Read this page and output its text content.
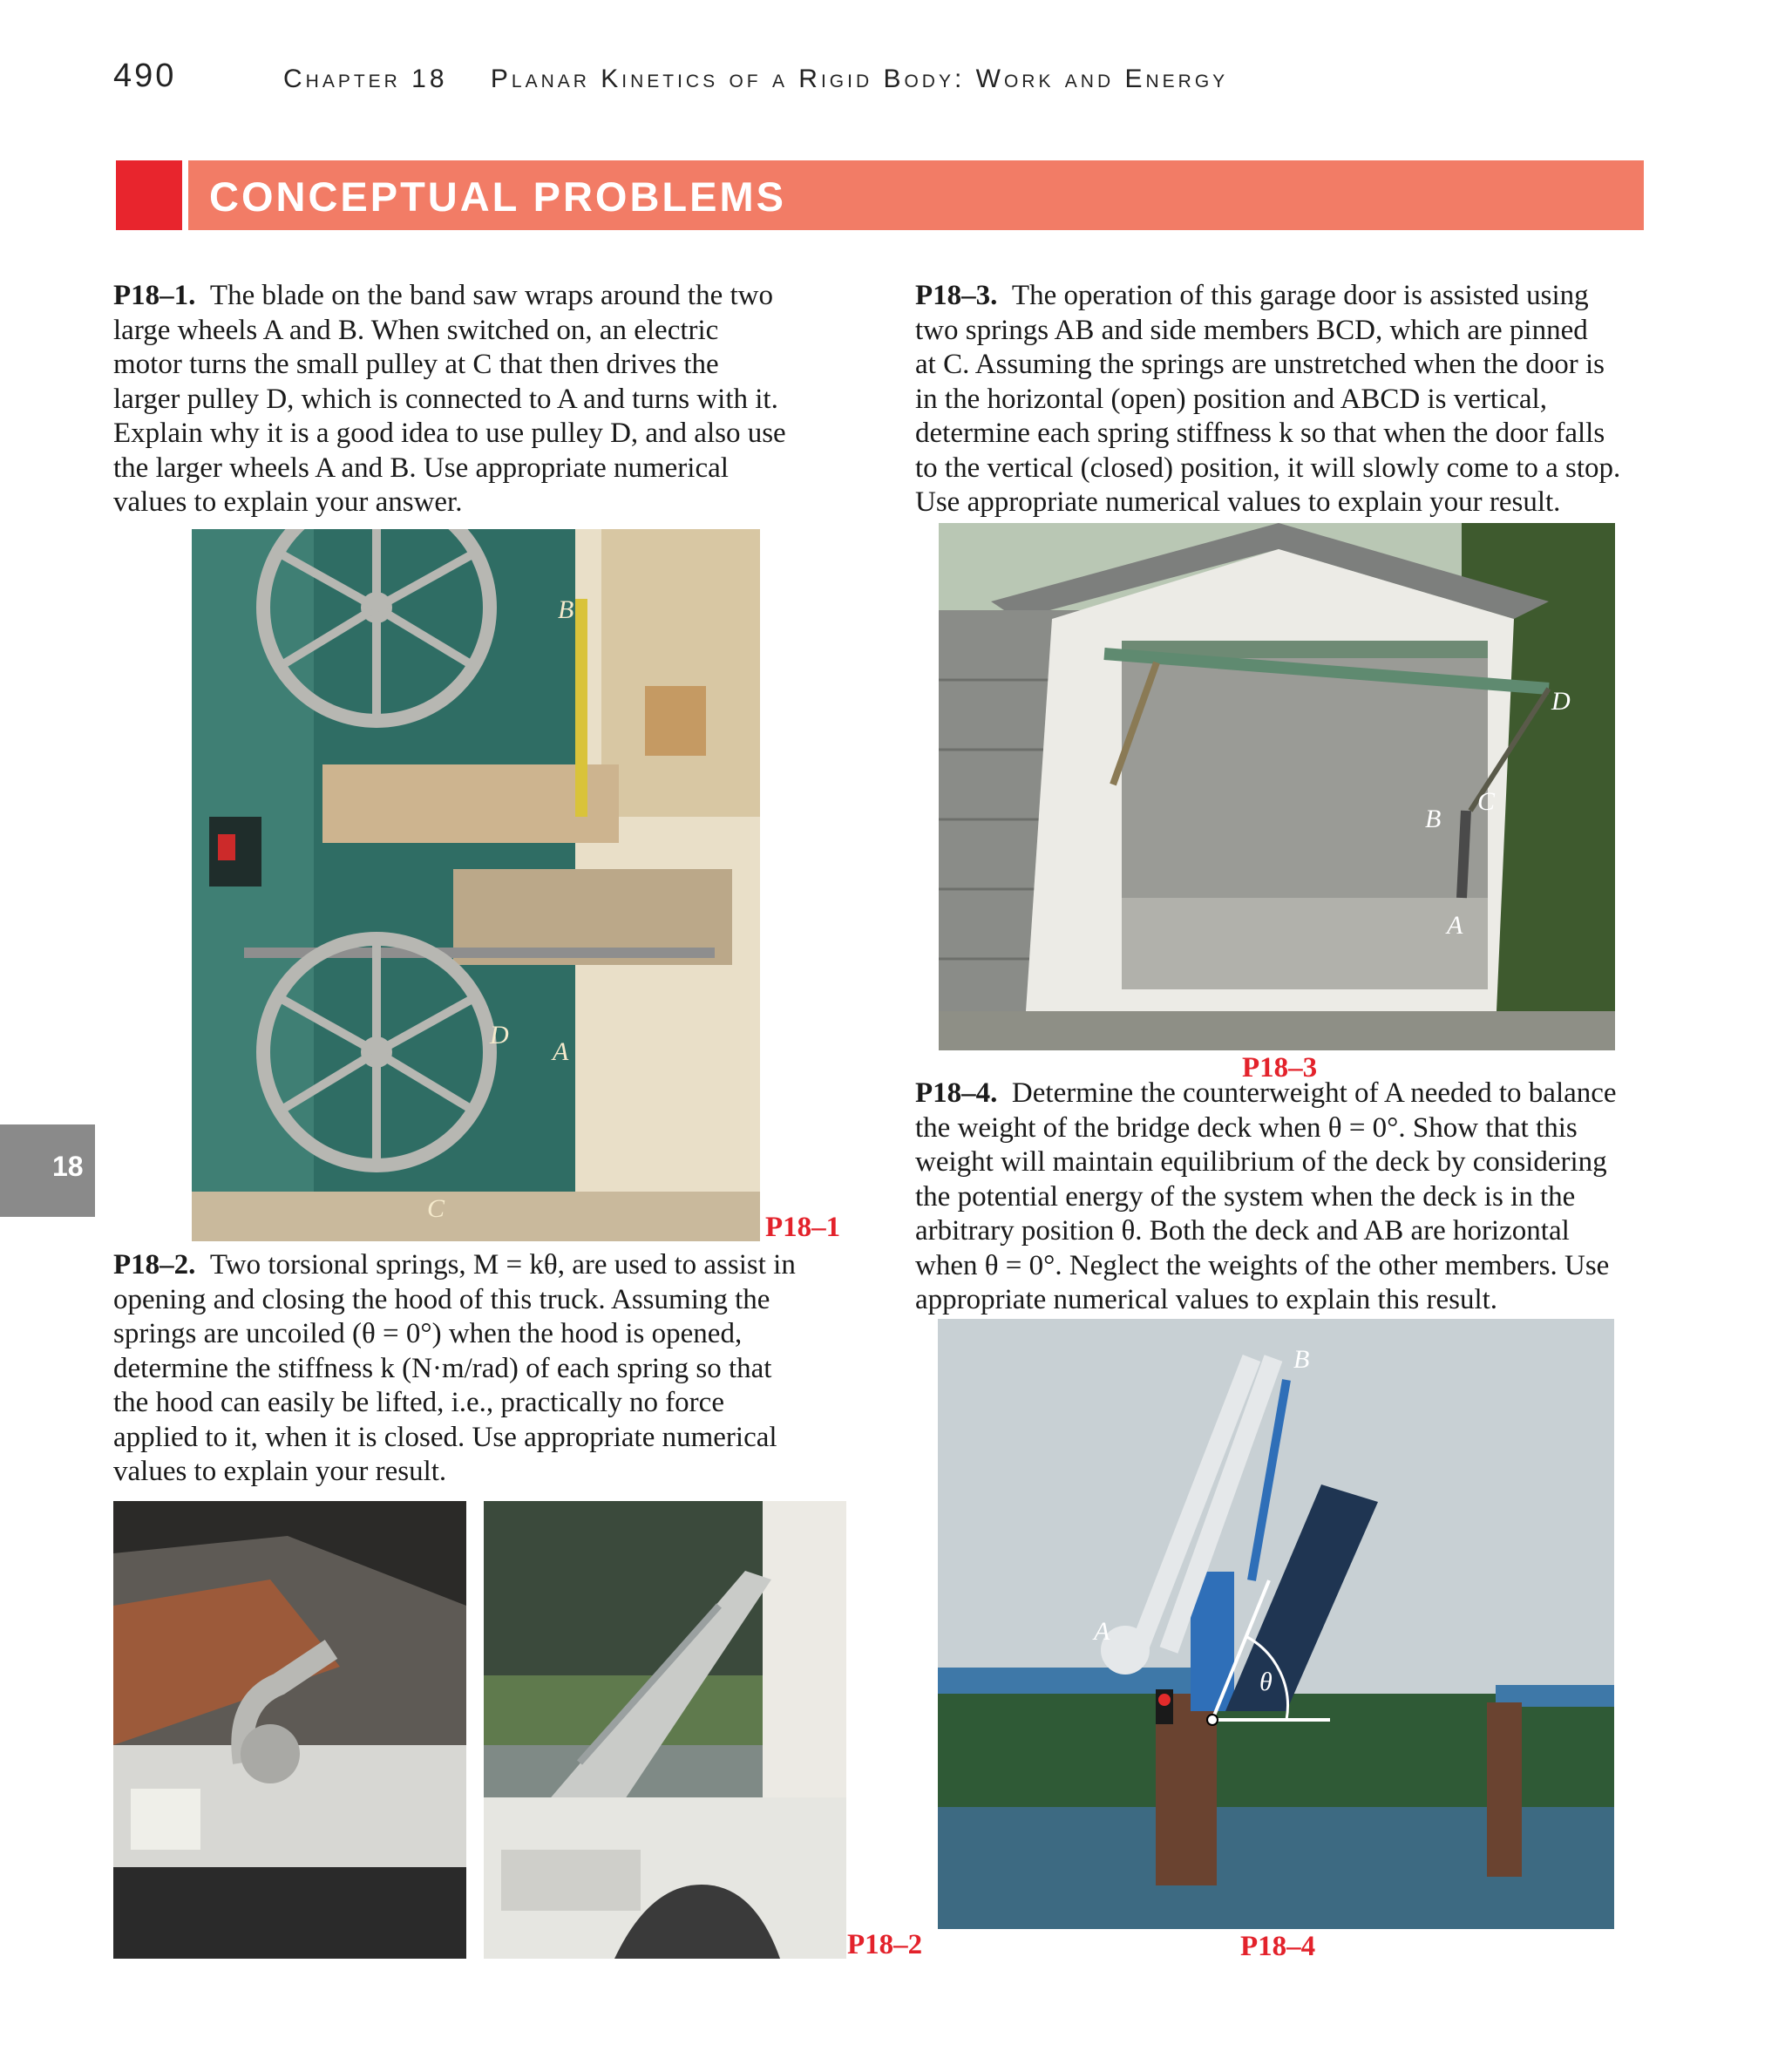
490	Chapter 18    Planar Kinetics of a Rigid Body: Work and Energy
CONCEPTUAL PROBLEMS
18
P18–1. The blade on the band saw wraps around the two
large wheels A and B. When switched on, an electric
motor turns the small pulley at C that then drives the
larger pulley D, which is connected to A and turns with it.
Explain why it is a good idea to use pulley D, and also use
the larger wheels A and B. Use appropriate numerical
values to explain your answer.
B
D
A
C
P18–1
P18–2. Two torsional springs, M = kθ, are used to assist in
opening and closing the hood of this truck. Assuming the
springs are uncoiled (θ = 0°) when the hood is opened,
determine the stiffness k (N·m/rad) of each spring so that
the hood can easily be lifted, i.e., practically no force
applied to it, when it is closed. Use appropriate numerical
values to explain your result.
P18–2
P18–3. The operation of this garage door is assisted using
two springs AB and side members BCD, which are pinned
at C. Assuming the springs are unstretched when the door is
in the horizontal (open) position and ABCD is vertical,
determine each spring stiffness k so that when the door falls
to the vertical (closed) position, it will slowly come to a stop.
Use appropriate numerical values to explain your result.
D
C
B
A
P18–3
P18–4. Determine the counterweight of A needed to balance
the weight of the bridge deck when θ = 0°. Show that this
weight will maintain equilibrium of the deck by considering
the potential energy of the system when the deck is in the
arbitrary position θ. Both the deck and AB are horizontal
when θ = 0°. Neglect the weights of the other members. Use
appropriate numerical values to explain this result.
B
A
θ
P18–4
